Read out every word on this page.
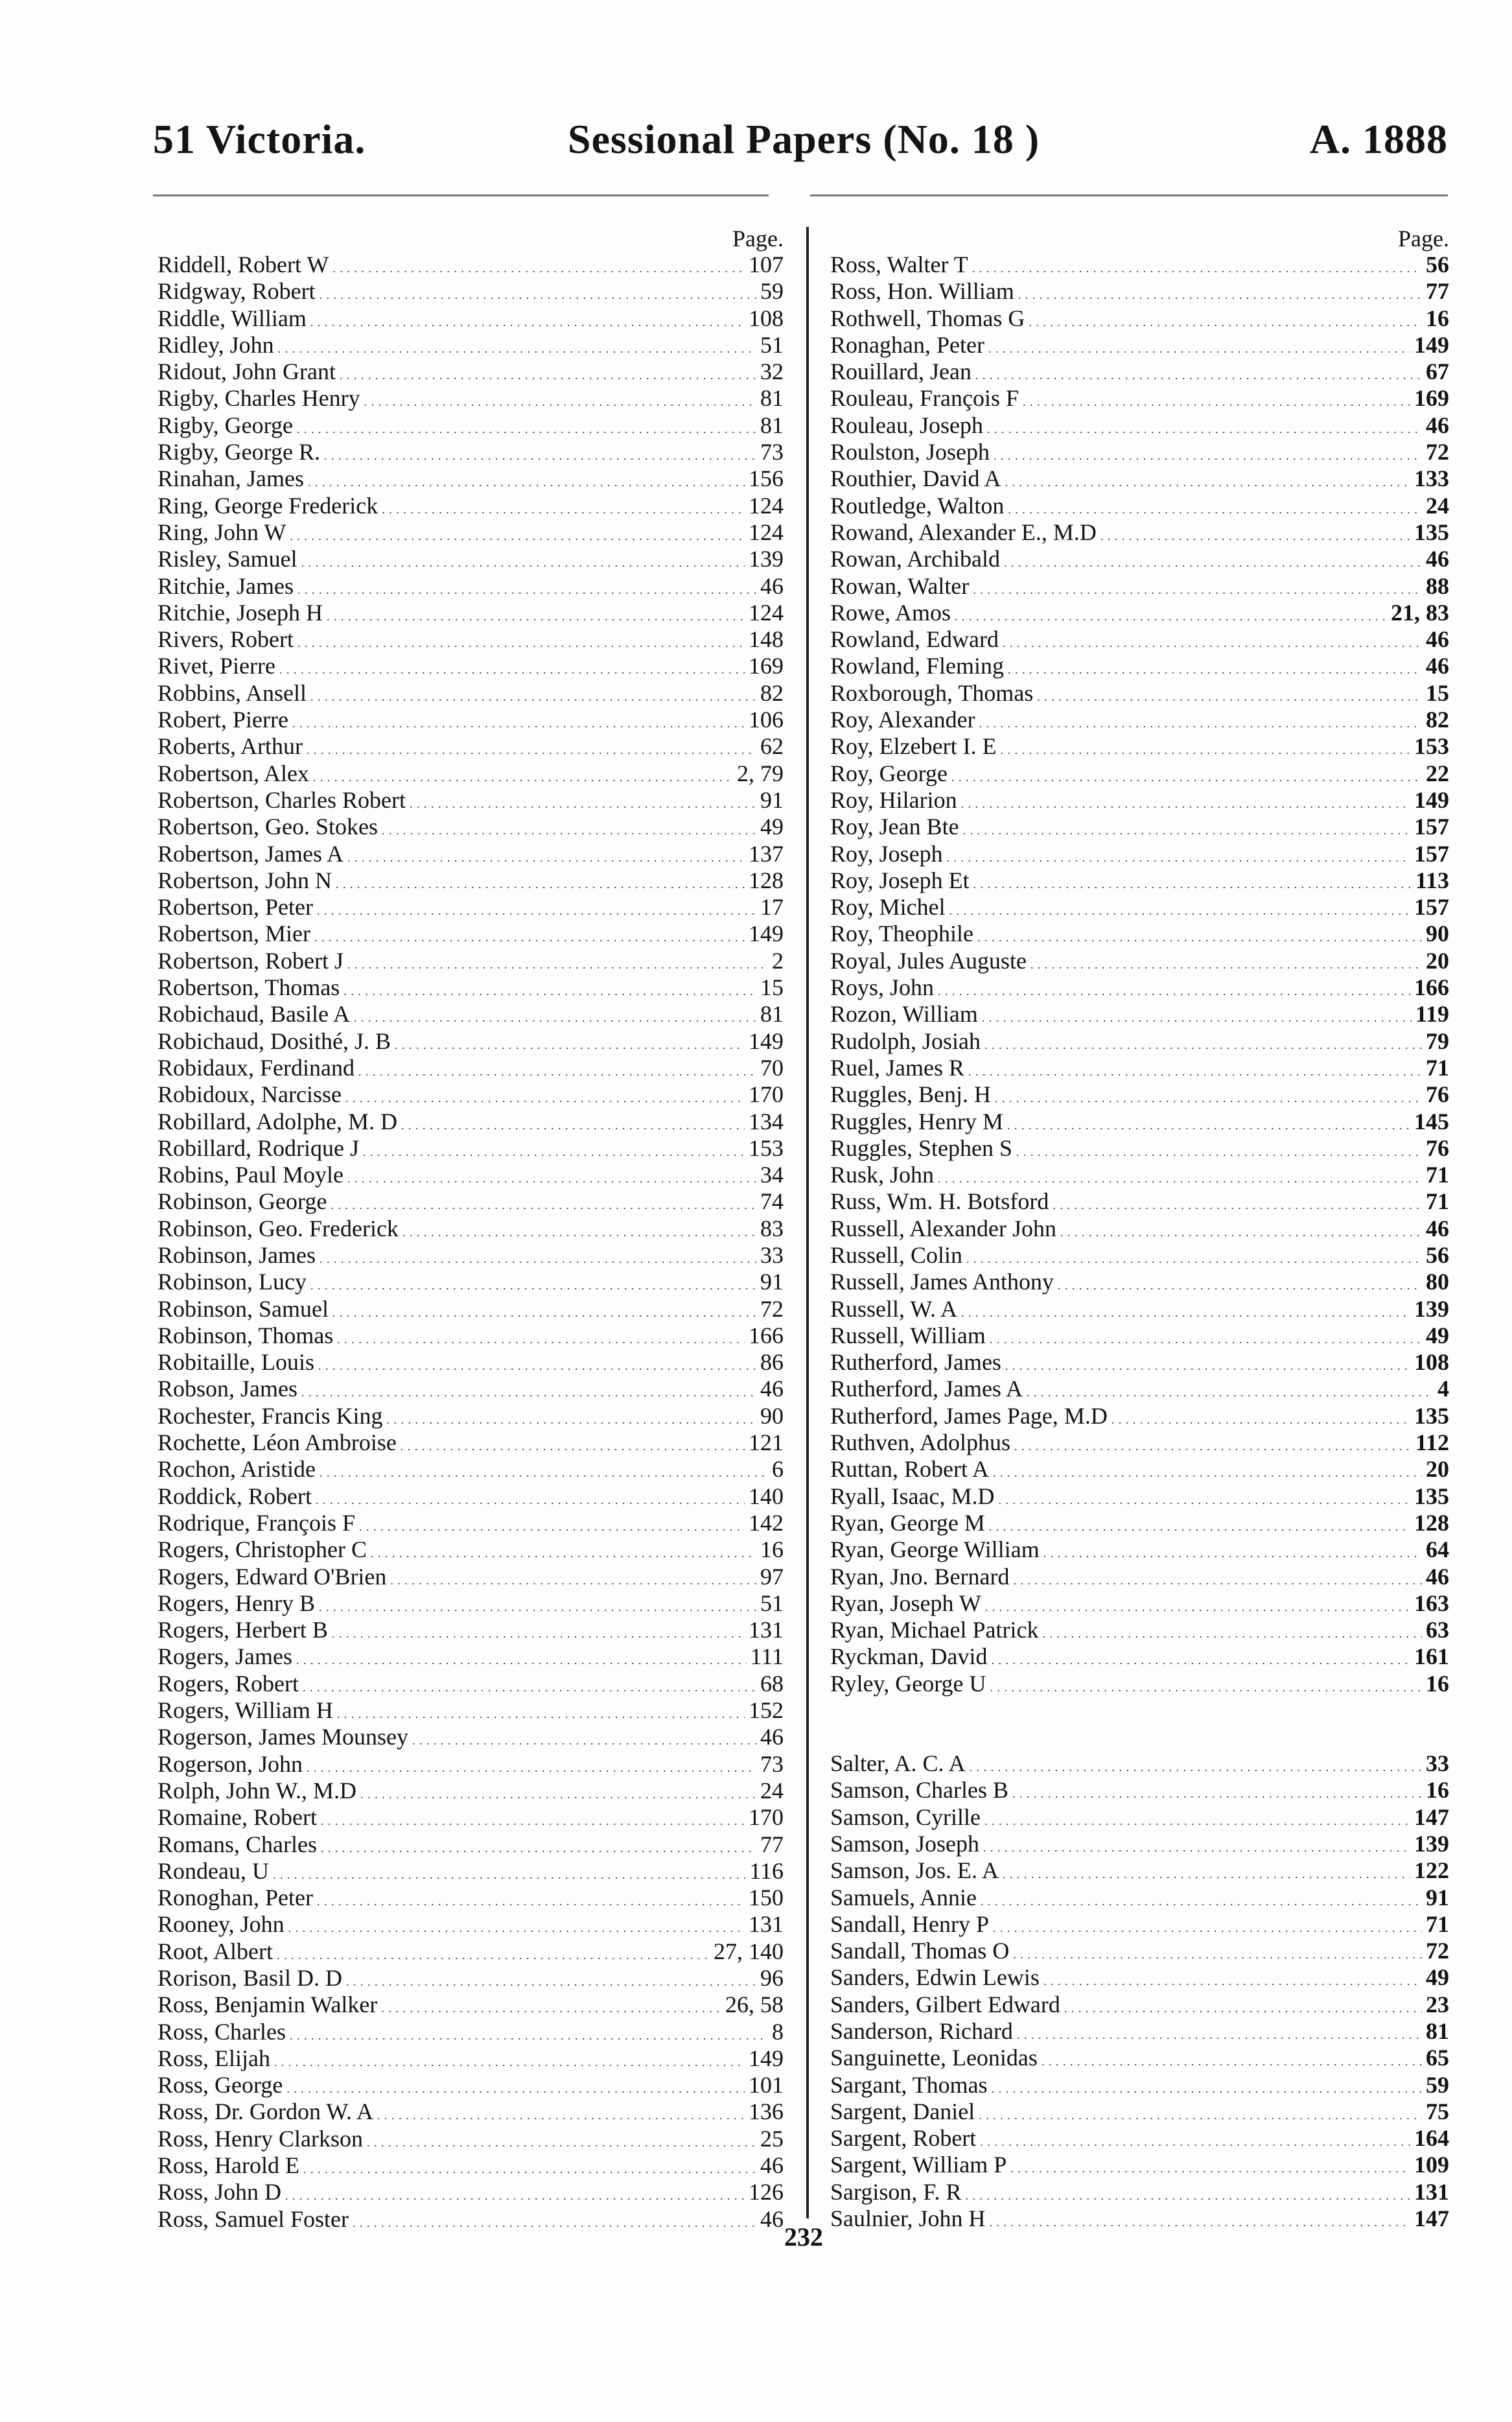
51 Victoria.	Sessional Papers (No. 18 )	A. 1888
Page.
Riddell, Robert W . . .	107
Ridgway, Robert . . .	59
Riddle, William . . .	108
Ridley, John . . .	51
Ridout, John Grant . . .	32
Rigby, Charles Henry . . .	81
Rigby, George . . .	81
Rigby, George R. . . .	73
Rinahan, James . . .	156
Ring, George Frederick . . .	124
Ring, John W . . .	124
Risley, Samuel . . .	139
Ritchie, James . . .	46
Ritchie, Joseph H . . .	124
Rivers, Robert . . .	148
Rivet, Pierre . . .	169
Robbins, Ansell . . .	82
Robert, Pierre . . .	106
Roberts, Arthur . . .	62
Robertson, Alex . . .	2, 79
Robertson, Charles Robert . . .	91
Robertson, Geo. Stokes . . .	49
Robertson, James A . . .	137
Robertson, John N . . .	128
Robertson, Peter . . .	17
Robertson, Mier . . .	149
Robertson, Robert J . . .	2
Robertson, Thomas . . .	15
Robichaud, Basile A . . .	81
Robichaud, Dosithé, J. B . . .	149
Robidaux, Ferdinand . . .	70
Robidoux, Narcisse . . .	170
Robillard, Adolphe, M. D . . .	134
Robillard, Rodrique J . . .	153
Robins, Paul Moyle . . .	34
Robinson, George . . .	74
Robinson, Geo. Frederick . . .	83
Robinson, James . . .	33
Robinson, Lucy . . .	91
Robinson, Samuel . . .	72
Robinson, Thomas . . .	166
Robitaille, Louis . . .	86
Robson, James . . .	46
Rochester, Francis King . . .	90
Rochette, Léon Ambroise . . .	121
Rochon, Aristide . . .	6
Roddick, Robert . . .	140
Rodrique, François F . . .	142
Rogers, Christopher C . . .	16
Rogers, Edward O'Brien . . .	97
Rogers, Henry B . . .	51
Rogers, Herbert B . . .	131
Rogers, James . . .	111
Rogers, Robert . . .	68
Rogers, William H . . .	152
Rogerson, James Mounsey . . .	46
Rogerson, John . . .	73
Rolph, John W., M.D . . .	24
Romaine, Robert . . .	170
Romans, Charles . . .	77
Rondeau, U . . .	116
Ronoghan, Peter . . .	150
Rooney, John . . .	131
Root, Albert . . .	27, 140
Rorison, Basil D. D . . .	96
Ross, Benjamin Walker . . .	26, 58
Ross, Charles . . .	8
Ross, Elijah . . .	149
Ross, George . . .	101
Ross, Dr. Gordon W. A . . .	136
Ross, Henry Clarkson . . .	25
Ross, Harold E . . .	46
Ross, John D . . .	126
Ross, Samuel Foster . . .	46
Page.
Ross, Walter T . . .	56
Ross, Hon. William . . .	77
Rothwell, Thomas G . . .	16
Ronaghan, Peter . . .	149
Rouillard, Jean . . .	67
Rouleau, François F . . .	169
Rouleau, Joseph . . .	46
Roulston, Joseph . . .	72
Routhier, David A . . .	133
Routledge, Walton . . .	24
Rowand, Alexander E., M.D . . .	135
Rowan, Archibald . . .	46
Rowan, Walter . . .	88
Rowe, Amos . . .	21, 83
Rowland, Edward . . .	46
Rowland, Fleming . . .	46
Roxborough, Thomas . . .	15
Roy, Alexander . . .	82
Roy, Elzebert I. E . . .	153
Roy, George . . .	22
Roy, Hilarion . . .	149
Roy, Jean Bte . . .	157
Roy, Joseph . . .	157
Roy, Joseph Et . . .	113
Roy, Michel . . .	157
Roy, Theophile . . .	90
Royal, Jules Auguste . . .	20
Roys, John . . .	166
Rozon, William . . .	119
Rudolph, Josiah . . .	79
Ruel, James R . . .	71
Ruggles, Benj. H . . .	76
Ruggles, Henry M . . .	145
Ruggles, Stephen S . . .	76
Rusk, John . . .	71
Russ, Wm. H. Botsford . . .	71
Russell, Alexander John . . .	46
Russell, Colin . . .	56
Russell, James Anthony . . .	80
Russell, W. A . . .	139
Russell, William . . .	49
Rutherford, James . . .	108
Rutherford, James A . . .	4
Rutherford, James Page, M.D . . .	135
Ruthven, Adolphus . . .	112
Ruttan, Robert A . . .	20
Ryall, Isaac, M.D . . .	135
Ryan, George M . . .	128
Ryan, George William . . .	64
Ryan, Jno. Bernard . . .	46
Ryan, Joseph W . . .	163
Ryan, Michael Patrick . . .	63
Ryckman, David . . .	161
Ryley, George U . . .	16
Salter, A. C. A . . .	33
Samson, Charles B . . .	16
Samson, Cyrille . . .	147
Samson, Joseph . . .	139
Samson, Jos. E. A . . .	122
Samuels, Annie . . .	91
Sandall, Henry P . . .	71
Sandall, Thomas O . . .	72
Sanders, Edwin Lewis . . .	49
Sanders, Gilbert Edward . . .	23
Sanderson, Richard . . .	81
Sanguinette, Leonidas . . .	65
Sargant, Thomas . . .	59
Sargent, Daniel . . .	75
Sargent, Robert . . .	164
Sargent, William P . . .	109
Sargison, F. R . . .	131
Saulnier, John H . . .	147
232
